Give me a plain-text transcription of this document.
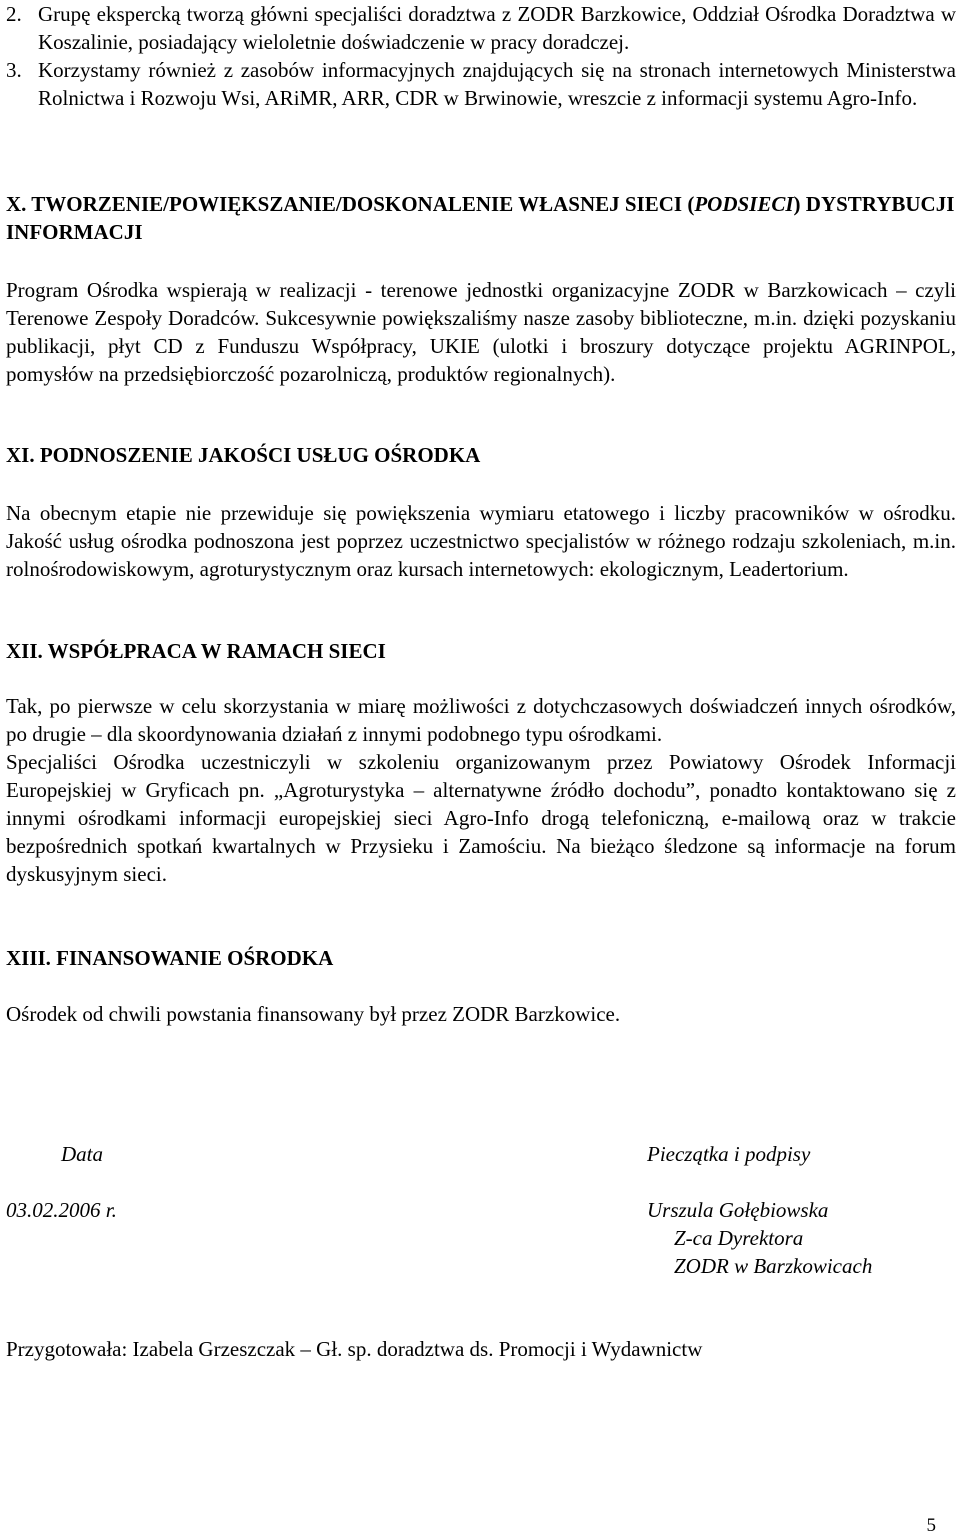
2. Grupę ekspercką tworzą główni specjaliści doradztwa z ZODR Barzkowice, Oddział Ośrodka Doradztwa w Koszalinie, posiadający wieloletnie doświadczenie w pracy doradczej.
3. Korzystamy również z zasobów informacyjnych znajdujących się na stronach internetowych Ministerstwa Rolnictwa i Rozwoju Wsi, ARiMR, ARR, CDR w Brwinowie, wreszcie z informacji systemu Agro-Info.
X. TWORZENIE/POWIĘKSZANIE/DOSKONALENIE WŁASNEJ SIECI (PODSIECI) DYSTRYBUCJI INFORMACJI

Program Ośrodka wspierają w realizacji - terenowe jednostki organizacyjne ZODR w Barzkowicach – czyli Terenowe Zespoły Doradców. Sukcesywnie powiększaliśmy nasze zasoby biblioteczne, m.in. dzięki pozyskaniu publikacji, płyt CD z Funduszu Współpracy, UKIE (ulotki i broszury dotyczące projektu AGRINPOL, pomysłów na przedsiębiorczość pozarolniczą, produktów regionalnych).

XI. PODNOSZENIE JAKOŚCI USŁUG OŚRODKA

Na obecnym etapie nie przewiduje się powiększenia wymiaru etatowego i liczby pracowników w ośrodku. Jakość usług ośrodka podnoszona jest poprzez uczestnictwo specjalistów w różnego rodzaju szkoleniach, m.in. rolnośrodowiskowym, agroturystycznym oraz kursach internetowych: ekologicznym, Leadertorium.

XII. WSPÓŁPRACA W RAMACH SIECI

Tak, po pierwsze w celu skorzystania w miarę możliwości z dotychczasowych doświadczeń innych ośrodków, po drugie – dla skoordynowania działań z innymi podobnego typu ośrodkami.

Specjaliści Ośrodka uczestniczyli w szkoleniu organizowanym przez Powiatowy Ośrodek Informacji Europejskiej w Gryficach pn. „Agroturystyka – alternatywne źródło dochodu”, ponadto kontaktowano się z innymi ośrodkami informacji europejskiej sieci Agro-Info drogą telefoniczną, e-mailową oraz w trakcie bezpośrednich spotkań kwartalnych w Przysieku i Zamościu. Na bieżąco śledzone są informacje na forum dyskusyjnym sieci.

XIII. FINANSOWANIE OŚRODKA

Ośrodek od chwili powstania finansowany był przez ZODR Barzkowice.

Data	Pieczątka i podpisy
03.02.2006 r.	Urszula Gołębiowska
Z-ca Dyrektora
ZODR w Barzkowicach
Przygotowała: Izabela Grzeszczak – Gł. sp. doradztwa ds. Promocji i Wydawnictw
5
